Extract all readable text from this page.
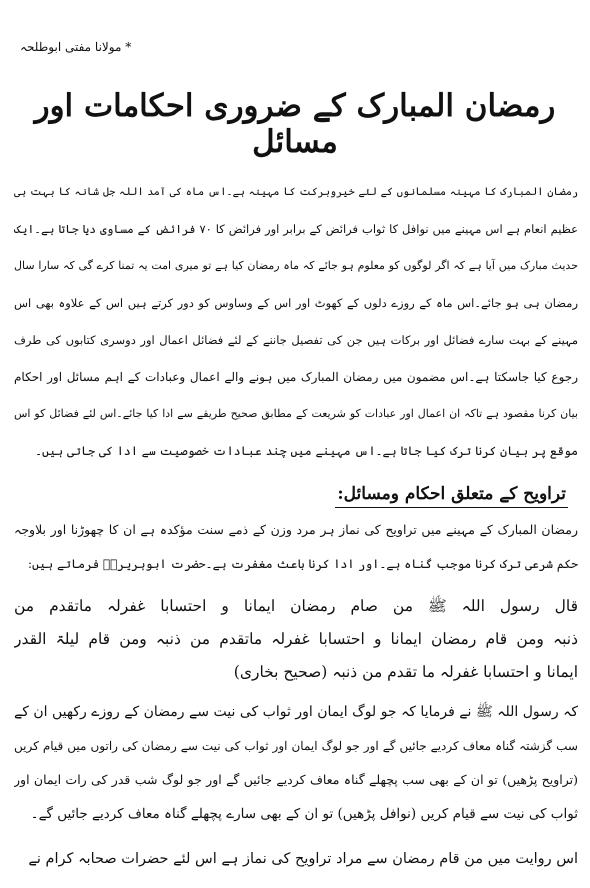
* مولانا مفتی ابوطلحہ
رمضان المبارک کے ضروری احکامات اور مسائل
رمضان المبارک کا مہینہ مسلمانوں کے لئے خیروبرکت کا مہینہ ہے۔اس ماہ کی آمد اللہ جل شانہ کا بہت ہی
عظیم انعام ہے اس مہینے میں نوافل کا ثواب فرائض کے برابر اور فرائض کا ۷۰ فرائض کے مساوی دیا جاتا ہے۔ایک
حدیث مبارک میں آیا ہے کہ اگر لوگوں کو معلوم ہو جائے کہ ماہ رمضان کیا ہے تو میری امت یہ تمنا کرے گی کہ سارا سال
رمضان ہی ہو جائے۔اس ماہ کے روزے دلوں کے کھوٹ اور اس کے وساوس کو دور کرتے ہیں اس کے علاوہ بھی اس
مہینے کے بہت سارے فضائل اور برکات ہیں جن کی تفصیل جاننے کے لئے فضائل اعمال اور دوسری کتابوں کی طرف
رجوع کیا جاسکتا ہے۔اس مضمون میں رمضان المبارک میں ہونے والے اعمال وعبادات کے اہم مسائل اور احکام
بیان کرنا مقصود ہے تاکہ ان اعمال اور عبادات کو شریعت کے مطابق صحیح طریقے سے ادا کیا جائے۔اس لئے فضائل کو اس
موقع پر بیان کرنا ترک کیا جاتا ہے۔اس مہینے میں چند عبادات خصوصیت سے ادا کی جاتی ہیں۔
تراویح کے متعلق احکام ومسائل:
رمضان المبارک کے مہینے میں تراویح کی نماز ہر مرد وزن کے ذمے سنت مؤکدہ ہے ان کا چھوڑنا اور بلاوجہ
حکم شرعی ترک کرنا موجب گناہ ہے۔اور ادا کرنا باعث مغفرت ہے۔حضرت ابوہریرہؓ فرماتے ہیں:
قال رسول اللہ ﷺ من صام رمضان ایمانا و احتسابا غفرلہ ماتقدم من
ذنبہ ومن قام رمضان ایمانا و احتسابا غفرلہ ماتقدم من ذنبہ ومن قام لیلۃ القدر
ایمانا و احتسابا غفرلہ ما تقدم من ذنبہ (صحیح بخاری)
کہ رسول اللہ ﷺ نے فرمایا کہ جو لوگ ایمان اور ثواب کی نیت سے رمضان کے روزے رکھیں ان کے
سب گزشتہ گناہ معاف کردیے جائیں گے اور جو لوگ ایمان اور ثواب کی نیت سے رمضان کی راتوں میں قیام کریں
(تراویح پڑھیں) تو ان کے بھی سب پچھلے گناہ معاف کردیے جائیں گے اور جو لوگ شب قدر کی رات ایمان اور
ثواب کی نیت سے قیام کریں (نوافل پڑھیں) تو ان کے بھی سارے پچھلے گناہ معاف کردیے جائیں گے۔
اس روایت میں من قام رمضان سے مراد تراویح کی نماز ہے اس لئے حضرات صحابہ کرام نے
